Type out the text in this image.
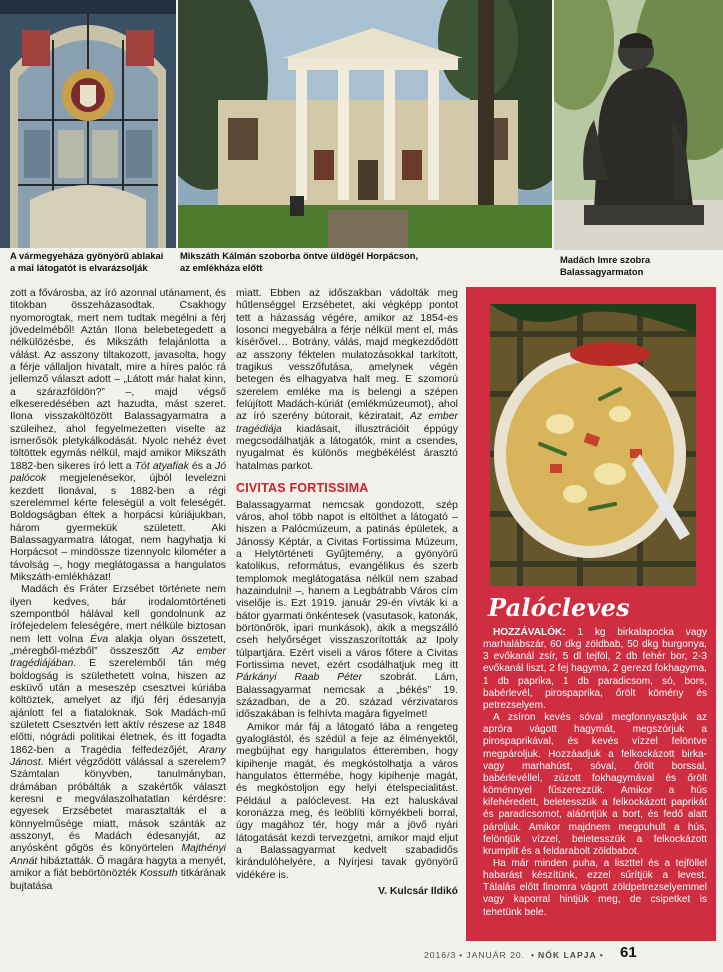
A vármegyeháza gyönyörű ablakai
a mai látogatót is elvarázsolják
Mikszáth Kálmán szoborba öntve üldögél Horpácson,
az emlékháza előtt
Madách Imre szobra
Balassagyarmaton

zott a fővárosba, az író azonnal utánament, és titokban összeházasodtak. Csakhogy nyomorogtak, mert nem tudtak megélni a férj jövedelméből! Aztán Ilona belebetegedett a nélkülözésbe, és Mikszáth felajánlotta a válást. Az asszony tiltakozott, javasolta, hogy a férje vállaljon hivatalt, mire a híres palóc rá jellemző választ adott – „Látott már halat kinn, a szárazföldön?” –, majd végső elkeseredésében azt hazudta, mást szeret. Ilona visszaköltözött Balassagyarmatra a szüleihez, ahol fegyelmezetten viselte az ismerősök pletykálkodását. Nyolc nehéz évet töltöttek egymás nélkül, majd amikor Mikszáth 1882-ben sikeres író lett a Tót atyafiak és a Jó palócok megjelenésekor, újból levelezni kezdett Ilonával, s 1882-ben a régi szerelemmel kérte feleségül a volt feleségét. Boldogságban éltek a horpácsi kúriájukban, három gyermekük született. Aki Balassagyarmatra látogat, nem hagyhatja ki Horpácsot – mindössze tizennyolc kilométer a távolság –, hogy meglátogassa a hangulatos Mikszáth-emlékházat!

Madách és Fráter Erzsébet története nem ilyen kedves, bár irodalomtörténeti szempontból hálával kell gondolnunk az írófejedelem feleségére, mert nélküle biztosan nem lett volna Éva alakja olyan összetett, „méregből-mézből” összeszőtt Az ember tragédiájában. E szerelemből tán még boldogság is születhetett volna, hiszen az esküvő után a meseszép csesztvei kúriába költöztek, amelyet az ifjú férj édesanyja ajánlott fel a fiataloknak. Sok Madách-mű született Csesztvén lett aktív részese az 1848 előtti, nógrádi politikai életnek, és itt fogadta 1862-ben a Tragédia felfedezőjét, Arany Jánost. Miért végződött válással a szerelem? Számtalan könyvben, tanulmányban, drámában próbálták a szakértők választ keresni e megválaszolhatatlan kérdésre: egyesek Erzsébetet marasztalták el a könnyelműsége miatt, mások szánták az asszonyt, és Madách édesanyját, az anyósként gőgös és könyörtelen Majthényi Annát hibáztatták. Ő magára hagyta a menyét, amikor a fiát bebörtönözték Kossuth titkárának bujtatása

miatt. Ebben az időszakban vádolták meg hűtlenséggel Erzsébetet, aki végképp pontot tett a házasság végére, amikor az 1854-es losonci megyebálra a férje nélkül ment el, más kísérővel… Botrány, válás, majd megkezdődött az asszony féktelen mulatozásokkal tarkított, tragikus vesszőfutása, amelynek végén betegen és elhagyatva halt meg. E szomorú szerelem emléke ma is belengi a szépen felújított Madách-kúriát (emlékmúzeumot), ahol az író szerény bútorait, kéziratait, Az ember tragédiája kiadásait, illusztrációit éppúgy megcsodálhatják a látogatók, mint a csendes, nyugalmat és különös megbékélést árasztó hatalmas parkot.

CIVITAS FORTISSIMA

Balassagyarmat nemcsak gondozott, szép város, ahol több napot is eltölthet a látogató – hiszen a Palócmúzeum, a patinás épületek, a Jánossy Képtár, a Civitas Fortissima Múzeum, a Helytörténeti Gyűjtemény, a gyönyörű katolikus, református, evangélikus és szerb templomok meglátogatása nélkül nem szabad hazaindulni! –, hanem a Legbátrabb Város cím viselője is. Ezt 1919. január 29-én vívták ki a bátor gyarmati önkéntesek (vasutasok, katonák, börtönőrök, ipari munkások), akik a megszálló cseh helyőrséget visszaszorították az Ipoly túlpartjára. Ezért viseli a város főtere a Civitas Fortissima nevet, ezért csodálhatjuk meg itt Párkányi Raab Péter szobrát. Lám, Balassagyarmat nemcsak a „békés” 19. században, de a 20. század vérzivataros időszakában is felhívta magára figyelmet!

Amikor már fáj a látogató lába a rengeteg gyaloglástól, és szédül a feje az élményektől, megbújhat egy hangulatos étteremben, hogy kipihenje magát, és megkóstolhatja a város hangulatos éttermébe, hogy kipihenje magát, és megkóstoljon egy helyi ételspecialitást. Például a palóclevest. Ha ezt haluskával koronázza meg, és leöblíti környékbeli borral, úgy magához tér, hogy már a jövő nyári látogatását kezdi tervezgetni, amikor majd eljut a Balassagyarmat kedvelt szabadidős kirándulóhelyére, a Nyírjesi tavak gyönyörű vidékére is.

V. Kulcsár Ildikó
Palócleves

HOZZÁVALÓK: 1 kg birkalapocka vagy marhalábszár, 60 dkg zöldbab, 50 dkg burgonya, 3 evőkanál zsír, 5 dl tejföl, 2 db fehér bor, 2-3 evőkanál liszt, 2 fej hagyma, 2 gerezd fokhagyma, 1 db paprika, 1 db paradicsom, só, bors, babérlevél, pirospaprika, őrölt kömény és petrezselyem.

A zsíron kevés sóval megfonnyasztjuk az apróra vágott hagymát, megszórjuk a pirospaprikával, és kevés vízzel felöntve megpároljuk. Hozzáadjuk a felkockázott birka- vagy marhahúst, sóval, őrölt borssal, babérlevéllel, zúzott fokhagymával és őrölt köménnyel fűszerezzük. Amikor a hús kifehéredett, beletesszük a felkockázott paprikát és paradicsomot, aláöntjük a bort, és fedő alatt pároljuk. Amikor majdnem megpuhult a hús, felöntjük vízzel, beletesszük a felkockázott krumplit és a feldarabolt zöldbabot.

Ha már minden puha, a liszttel és a tejföllel habarást készítünk, ezzel sűrítjük a levest. Tálalás előtt finomra vágott zöldpetrezselyemmel vagy kaporral hintjük meg, de csipetket is tehetünk bele.

2016/3 • JANUÁR 20. • NŐK LAPJA • 61
